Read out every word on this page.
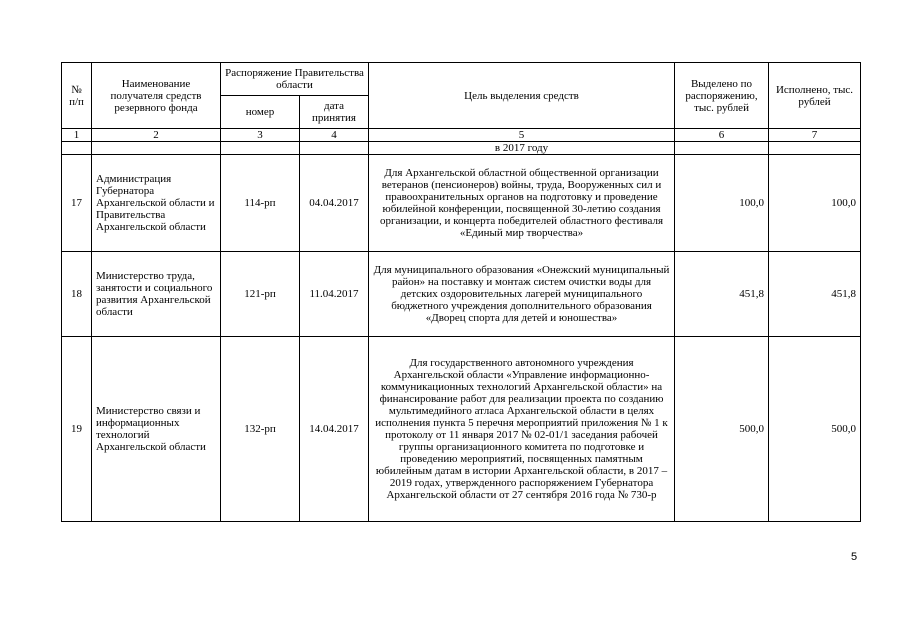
№ п/п	Наименование получателя средств резервного фонда	Распоряжение Правительства области		Цель выделения средств	Выделено по распоряжению, тыс. рублей	Исполнено, тыс. рублей
		номер	дата принятия			
1	2	3	4	5	6	7
				в 2017 году		
17	Администрация Губернатора Архангельской области и Правительства Архангельской области	114-рп	04.04.2017	Для Архангельской областной общественной организации ветеранов (пенсионеров) войны, труда, Вооруженных сил и правоохранительных органов на подготовку и проведение юбилейной конференции, посвященной 30-летию создания организации, и концерта победителей областного фестиваля «Единый мир творчества»	100,0	100,0
18	Министерство труда, занятости и социального развития Архангельской области	121-рп	11.04.2017	Для муниципального образования «Онежский муниципальный район» на поставку и монтаж систем очистки воды для детских оздоровительных лагерей муниципального бюджетного учреждения дополнительного образования «Дворец спорта для детей и юношества»	451,8	451,8
19	Министерство связи и информационных технологий Архангельской области	132-рп	14.04.2017	Для государственного автономного учреждения Архангельской области «Управление информационно-коммуникационных технологий Архангельской области» на финансирование работ для реализации проекта по созданию мультимедийного атласа Архангельской области в целях исполнения пункта 5 перечня мероприятий приложения № 1 к протоколу от 11 января 2017 № 02-01/1 заседания рабочей группы организационного комитета по подготовке и проведению мероприятий, посвященных памятным юбилейным датам в истории Архангельской области, в 2017 – 2019 годах, утвержденного распоряжением Губернатора Архангельской области от 27 сентября 2016 года № 730-р	500,0	500,0
5
